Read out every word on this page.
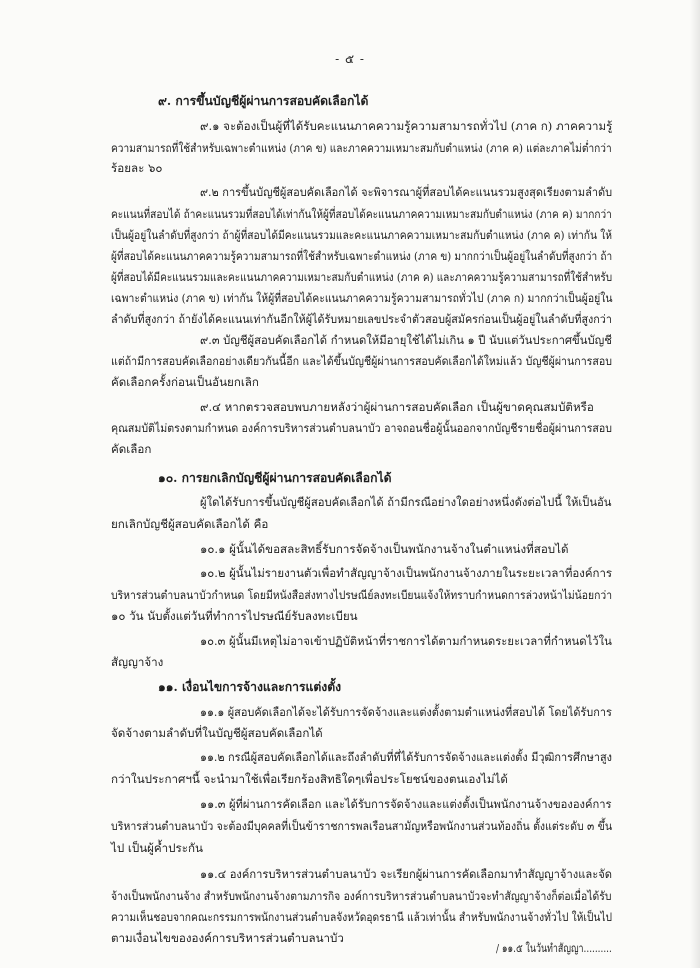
- ๕ -
๙. การขึ้นบัญชีผู้ผ่านการสอบคัดเลือกได้
๙.๑ จะต้องเป็นผู้ที่ได้รับคะแนนภาคความรู้ความสามารถทั่วไป (ภาค ก) ภาคความรู้
ความสามารถที่ใช้สำหรับเฉพาะตำแหน่ง (ภาค ข) และภาคความเหมาะสมกับตำแหน่ง (ภาค ค) แต่ละภาคไม่ต่ำกว่า
ร้อยละ ๖๐
๙.๒ การขึ้นบัญชีผู้สอบคัดเลือกได้ จะพิจารณาผู้ที่สอบได้คะแนนรวมสูงสุดเรียงตามลำดับ
คะแนนที่สอบได้ ถ้าคะแนนรวมที่สอบได้เท่ากันให้ผู้ที่สอบได้คะแนนภาคความเหมาะสมกับตำแหน่ง (ภาค ค) มากกว่า
เป็นผู้อยู่ในลำดับที่สูงกว่า ถ้าผู้ที่สอบได้มีคะแนนรวมและคะแนนภาคความเหมาะสมกับตำแหน่ง (ภาค ค) เท่ากัน ให้
ผู้ที่สอบได้คะแนนภาคความรู้ความสามารถที่ใช้สำหรับเฉพาะตำแหน่ง (ภาค ข) มากกว่าเป็นผู้อยู่ในลำดับที่สูงกว่า ถ้า
ผู้ที่สอบได้มีคะแนนรวมและคะแนนภาคความเหมาะสมกับตำแหน่ง (ภาค ค) และภาคความรู้ความสามารถที่ใช้สำหรับ
เฉพาะตำแหน่ง (ภาค ข) เท่ากัน ให้ผู้ที่สอบได้คะแนนภาคความรู้ความสามารถทั่วไป (ภาค ก) มากกว่าเป็นผู้อยู่ใน
ลำดับที่สูงกว่า ถ้ายังได้คะแนนเท่ากันอีกให้ผู้ได้รับหมายเลขประจำตัวสอบผู้สมัครก่อนเป็นผู้อยู่ในลำดับที่สูงกว่า
๙.๓ บัญชีผู้สอบคัดเลือกได้ กำหนดให้มีอายุใช้ได้ไม่เกิน ๑ ปี นับแต่วันประกาศขึ้นบัญชี
แต่ถ้ามีการสอบคัดเลือกอย่างเดียวกันนี้อีก และได้ขึ้นบัญชีผู้ผ่านการสอบคัดเลือกได้ใหม่แล้ว บัญชีผู้ผ่านการสอบ
คัดเลือกครั้งก่อนเป็นอันยกเลิก
๙.๔ หากตรวจสอบพบภายหลังว่าผู้ผ่านการสอบคัดเลือก เป็นผู้ขาดคุณสมบัติหรือ
คุณสมบัติไม่ตรงตามกำหนด องค์การบริหารส่วนตำบลนาบัว อาจถอนชื่อผู้นั้นออกจากบัญชีรายชื่อผู้ผ่านการสอบ
คัดเลือก
๑๐. การยกเลิกบัญชีผู้ผ่านการสอบคัดเลือกได้
ผู้ใดได้รับการขึ้นบัญชีผู้สอบคัดเลือกได้ ถ้ามีกรณีอย่างใดอย่างหนึ่งดังต่อไปนี้ ให้เป็นอัน
ยกเลิกบัญชีผู้สอบคัดเลือกได้ คือ
๑๐.๑ ผู้นั้นได้ขอสละสิทธิ์รับการจัดจ้างเป็นพนักงานจ้างในตำแหน่งที่สอบได้
๑๐.๒ ผู้นั้นไม่รายงานตัวเพื่อทำสัญญาจ้างเป็นพนักงานจ้างภายในระยะเวลาที่องค์การ
บริหารส่วนตำบลนาบัวกำหนด โดยมีหนังสือส่งทางไปรษณีย์ลงทะเบียนแจ้งให้ทราบกำหนดการล่วงหน้าไม่น้อยกว่า
๑๐ วัน นับตั้งแต่วันที่ทำการไปรษณีย์รับลงทะเบียน
๑๐.๓ ผู้นั้นมีเหตุไม่อาจเข้าปฏิบัติหน้าที่ราชการได้ตามกำหนดระยะเวลาที่กำหนดไว้ใน
สัญญาจ้าง
๑๑. เงื่อนไขการจ้างและการแต่งตั้ง
๑๑.๑ ผู้สอบคัดเลือกได้จะได้รับการจัดจ้างและแต่งตั้งตามตำแหน่งที่สอบได้ โดยได้รับการ
จัดจ้างตามลำดับที่ในบัญชีผู้สอบคัดเลือกได้
๑๑.๒ กรณีผู้สอบคัดเลือกได้และถึงลำดับที่ที่ได้รับการจัดจ้างและแต่งตั้ง มีวุฒิการศึกษาสูง
กว่าในประกาศฯนี้ จะนำมาใช้เพื่อเรียกร้องสิทธิใดๆเพื่อประโยชน์ของตนเองไม่ได้
๑๑.๓ ผู้ที่ผ่านการคัดเลือก และได้รับการจัดจ้างและแต่งตั้งเป็นพนักงานจ้างขององค์การ
บริหารส่วนตำบลนาบัว จะต้องมีบุคคลที่เป็นข้าราชการพลเรือนสามัญหรือพนักงานส่วนท้องถิ่น ตั้งแต่ระดับ ๓ ขึ้น
ไป เป็นผู้ค้ำประกัน
๑๑.๔ องค์การบริหารส่วนตำบลนาบัว จะเรียกผู้ผ่านการคัดเลือกมาทำสัญญาจ้างและจัด
จ้างเป็นพนักงานจ้าง สำหรับพนักงานจ้างตามภารกิจ องค์การบริหารส่วนตำบลนาบัวจะทำสัญญาจ้างก็ต่อเมื่อได้รับ
ความเห็นชอบจากคณะกรรมการพนักงานส่วนตำบลจังหวัดอุดรธานี แล้วเท่านั้น สำหรับพนักงานจ้างทั่วไป ให้เป็นไป
ตามเงื่อนไขขององค์การบริหารส่วนตำบลนาบัว
/ ๑๑.๕ ในวันทำสัญญา..........
